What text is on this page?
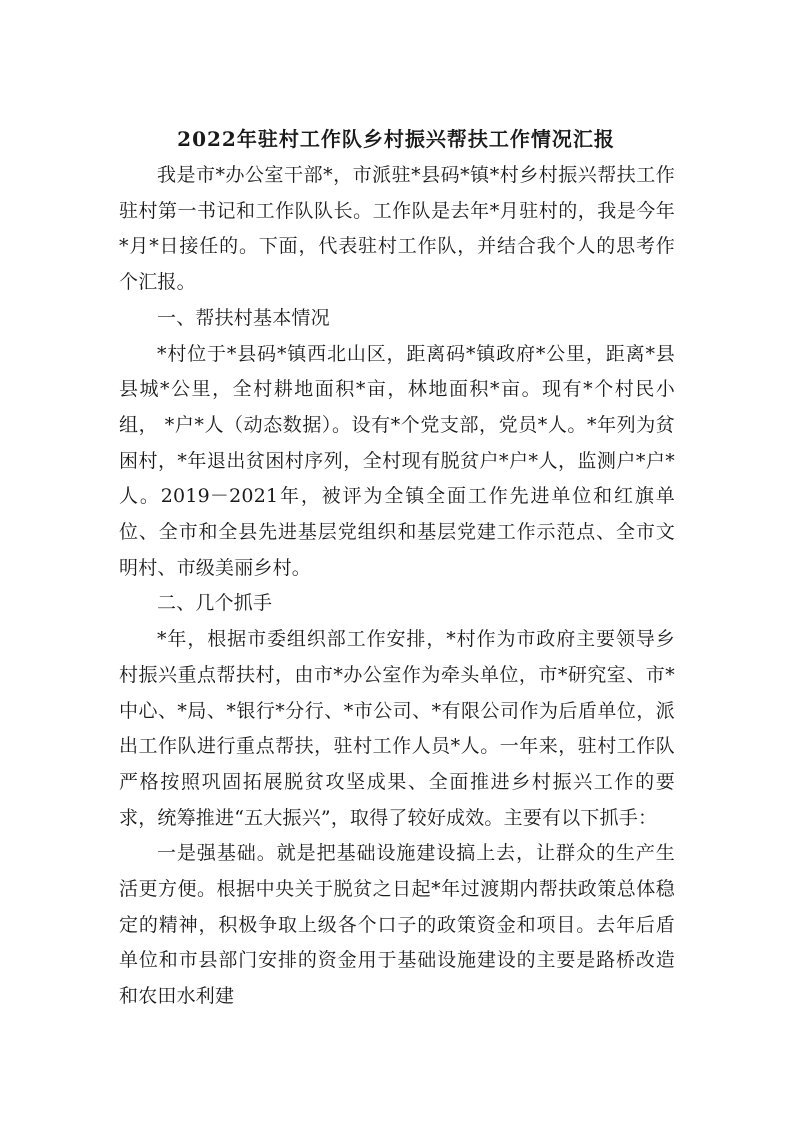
2022年驻村工作队乡村振兴帮扶工作情况汇报

我是市*办公室干部*，市派驻*县码*镇*村乡村振兴帮扶工作驻村第一书记和工作队队长。工作队是去年*月驻村的，我是今年*月*日接任的。下面，代表驻村工作队，并结合我个人的思考作个汇报。

一、帮扶村基本情况

*村位于*县码*镇西北山区，距离码*镇政府*公里，距离*县县城*公里，全村耕地面积*亩，林地面积*亩。现有*个村民小组， *户*人（动态数据）。设有*个党支部，党员*人。*年列为贫困村，*年退出贫困村序列，全村现有脱贫户*户*人，监测户*户*人。2019－2021年，被评为全镇全面工作先进单位和红旗单位、全市和全县先进基层党组织和基层党建工作示范点、全市文明村、市级美丽乡村。

二、几个抓手

*年，根据市委组织部工作安排，*村作为市政府主要领导乡村振兴重点帮扶村，由市*办公室作为牵头单位，市*研究室、市*中心、*局、*银行*分行、*市公司、*有限公司作为后盾单位，派出工作队进行重点帮扶，驻村工作人员*人。一年来，驻村工作队严格按照巩固拓展脱贫攻坚成果、全面推进乡村振兴工作的要求，统筹推进“五大振兴”，取得了较好成效。主要有以下抓手：

一是强基础。就是把基础设施建设搞上去，让群众的生产生活更方便。根据中央关于脱贫之日起*年过渡期内帮扶政策总体稳定的精神，积极争取上级各个口子的政策资金和项目。去年后盾单位和市县部门安排的资金用于基础设施建设的主要是路桥改造和农田水利建
